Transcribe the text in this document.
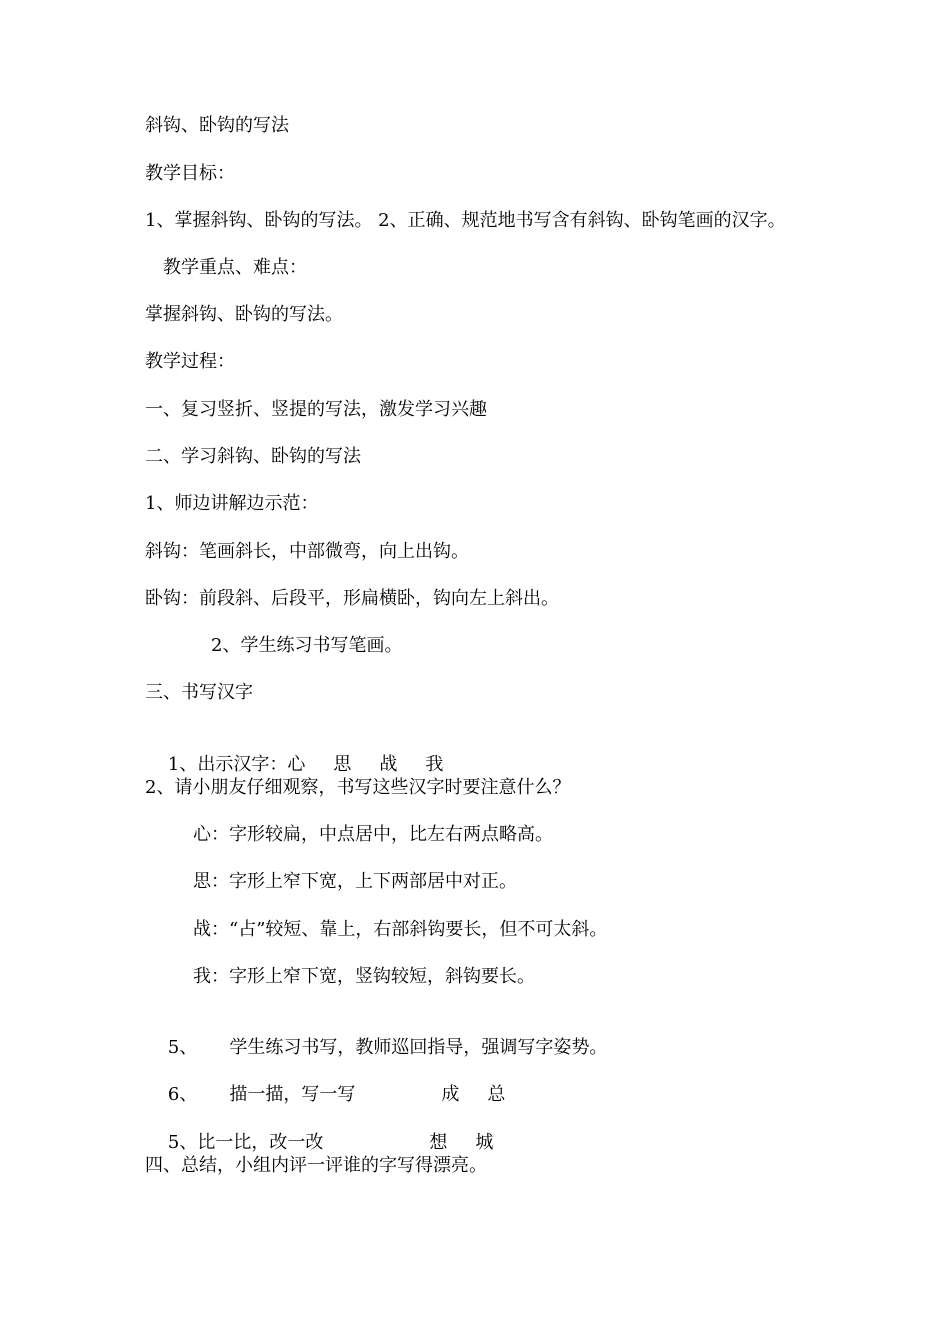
斜钩、卧钩的写法
教学目标：
1、掌握斜钩、卧钩的写法。 2、正确、规范地书写含有斜钩、卧钩笔画的汉字。
教学重点、难点：
掌握斜钩、卧钩的写法。
教学过程：
一、复习竖折、竖提的写法，激发学习兴趣
二、学习斜钩、卧钩的写法
1、师边讲解边示范：
斜钩：笔画斜长，中部微弯，向上出钩。
卧钩：前段斜、后段平，形扁横卧，钩向左上斜出。
2、学生练习书写笔画。
三、书写汉字

1、出示汉字：心 思 战 我

2、请小朋友仔细观察，书写这些汉字时要注意什么？
心：字形较扁，中点居中，比左右两点略高。
思：字形上窄下宽，上下两部居中对正。
战：“占”较短、靠上，右部斜钩要长，但不可太斜。
我：字形上窄下宽，竖钩较短，斜钩要长。

5、 学生练习书写，教师巡回指导，强调写字姿势。

6、 描一描，写一写	成 总

5、比一比，改一改	想 城

四、总结，小组内评一评谁的字写得漂亮。
